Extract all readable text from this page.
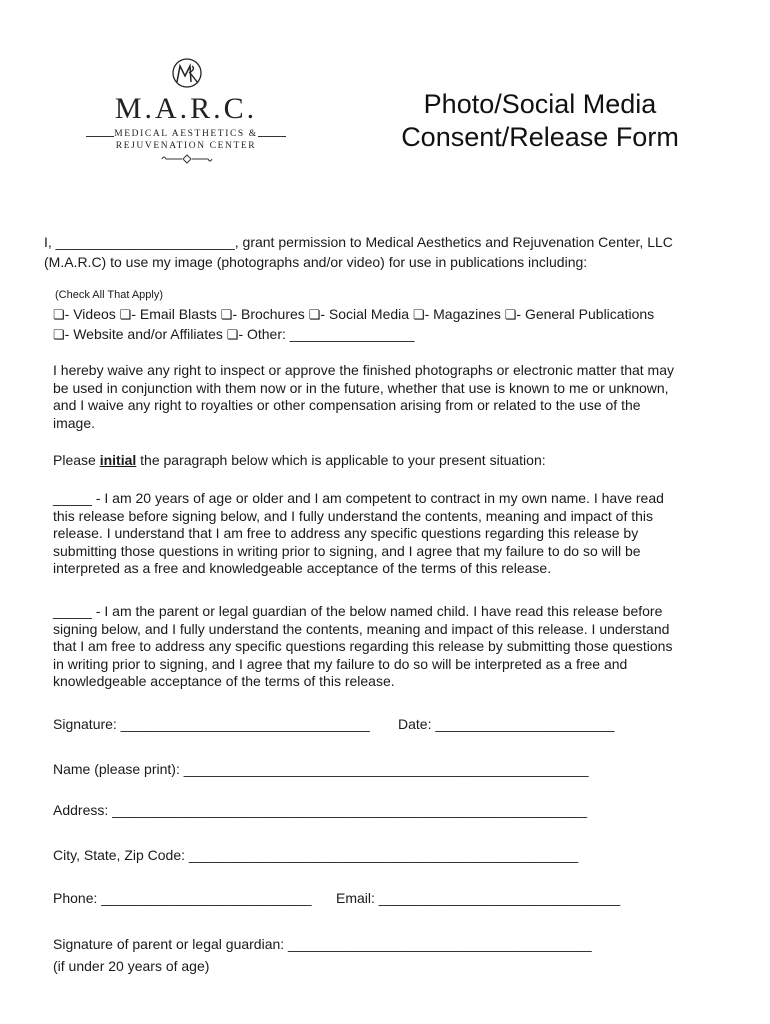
M.A.R.C.
MEDICAL AESTHETICS &
REJUVENATION CENTER
Photo/Social Media
Consent/Release Form
I, _______________________, grant permission to Medical Aesthetics and Rejuvenation Center, LLC
(M.A.R.C) to use my image (photographs and/or video) for use in publications including:
(Check All That Apply)
❏- Videos ❏- Email Blasts ❏- Brochures ❏- Social Media ❏- Magazines ❏- General Publications
❏- Website and/or Affiliates ❏- Other: ________________
I hereby waive any right to inspect or approve the finished photographs or electronic matter that may
be used in conjunction with them now or in the future, whether that use is known to me or unknown,
and I waive any right to royalties or other compensation arising from or related to the use of the
image.
Please initial the paragraph below which is applicable to your present situation:
_____ - I am 20 years of age or older and I am competent to contract in my own name. I have read
this release before signing below, and I fully understand the contents, meaning and impact of this
release. I understand that I am free to address any specific questions regarding this release by
submitting those questions in writing prior to signing, and I agree that my failure to do so will be
interpreted as a free and knowledgeable acceptance of the terms of this release.
_____ - I am the parent or legal guardian of the below named child. I have read this release before
signing below, and I fully understand the contents, meaning and impact of this release. I understand
that I am free to address any specific questions regarding this release by submitting those questions
in writing prior to signing, and I agree that my failure to do so will be interpreted as a free and
knowledgeable acceptance of the terms of this release.
Signature: ________________________________ Date: _______________________
Name (please print): ____________________________________________________
Address: _____________________________________________________________
City, State, Zip Code: __________________________________________________
Phone: ___________________________ Email: _______________________________
Signature of parent or legal guardian: _______________________________________
(if under 20 years of age)
